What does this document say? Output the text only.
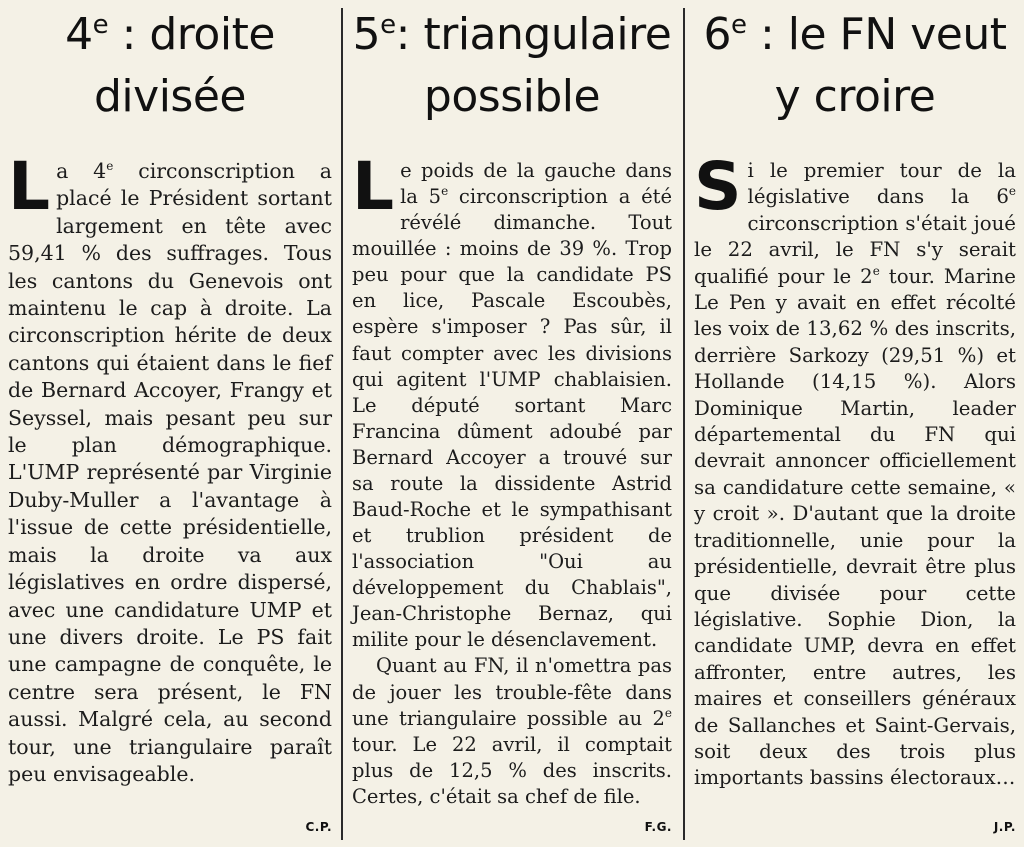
4e : droite divisée

La 4e circonscription a placé le Président sortant largement en tête avec 59,41 % des suffrages. Tous les cantons du Genevois ont maintenu le cap à droite. La circonscription hérite de deux cantons qui étaient dans le fief de Bernard Accoyer, Frangy et Seyssel, mais pesant peu sur le plan démographique. L'UMP représenté par Virginie Duby-Muller a l'avantage à l'issue de cette présidentielle, mais la droite va aux législatives en ordre dispersé, avec une candidature UMP et une divers droite. Le PS fait une campagne de conquête, le centre sera présent, le FN aussi. Malgré cela, au second tour, une triangulaire paraît peu envisageable.

C.P.
5e: triangulaire possible

Le poids de la gauche dans la 5e circonscription a été révélé dimanche. Tout mouillée : moins de 39 %. Trop peu pour que la candidate PS en lice, Pascale Escoubès, espère s'imposer ? Pas sûr, il faut compter avec les divisions qui agitent l'UMP chablaisien. Le député sortant Marc Francina dûment adoubé par Bernard Accoyer a trouvé sur sa route la dissidente Astrid Baud-Roche et le sympathisant et trublion président de l'association "Oui au développement du Chablais", Jean-Christophe Bernaz, qui milite pour le désenclavement.

Quant au FN, il n'omettra pas de jouer les trouble-fête dans une triangulaire possible au 2e tour. Le 22 avril, il comptait plus de 12,5 % des inscrits. Certes, c'était sa chef de file.

F.G.
6e : le FN veut y croire

Si le premier tour de la législative dans la 6e circonscription s'était joué le 22 avril, le FN s'y serait qualifié pour le 2e tour. Marine Le Pen y avait en effet récolté les voix de 13,62 % des inscrits, derrière Sarkozy (29,51 %) et Hollande (14,15 %). Alors Dominique Martin, leader départemental du FN qui devrait annoncer officiellement sa candidature cette semaine, « y croit ». D'autant que la droite traditionnelle, unie pour la présidentielle, devrait être plus que divisée pour cette législative. Sophie Dion, la candidate UMP, devra en effet affronter, entre autres, les maires et conseillers généraux de Sallanches et Saint-Gervais, soit deux des trois plus importants bassins électoraux…

J.P.
